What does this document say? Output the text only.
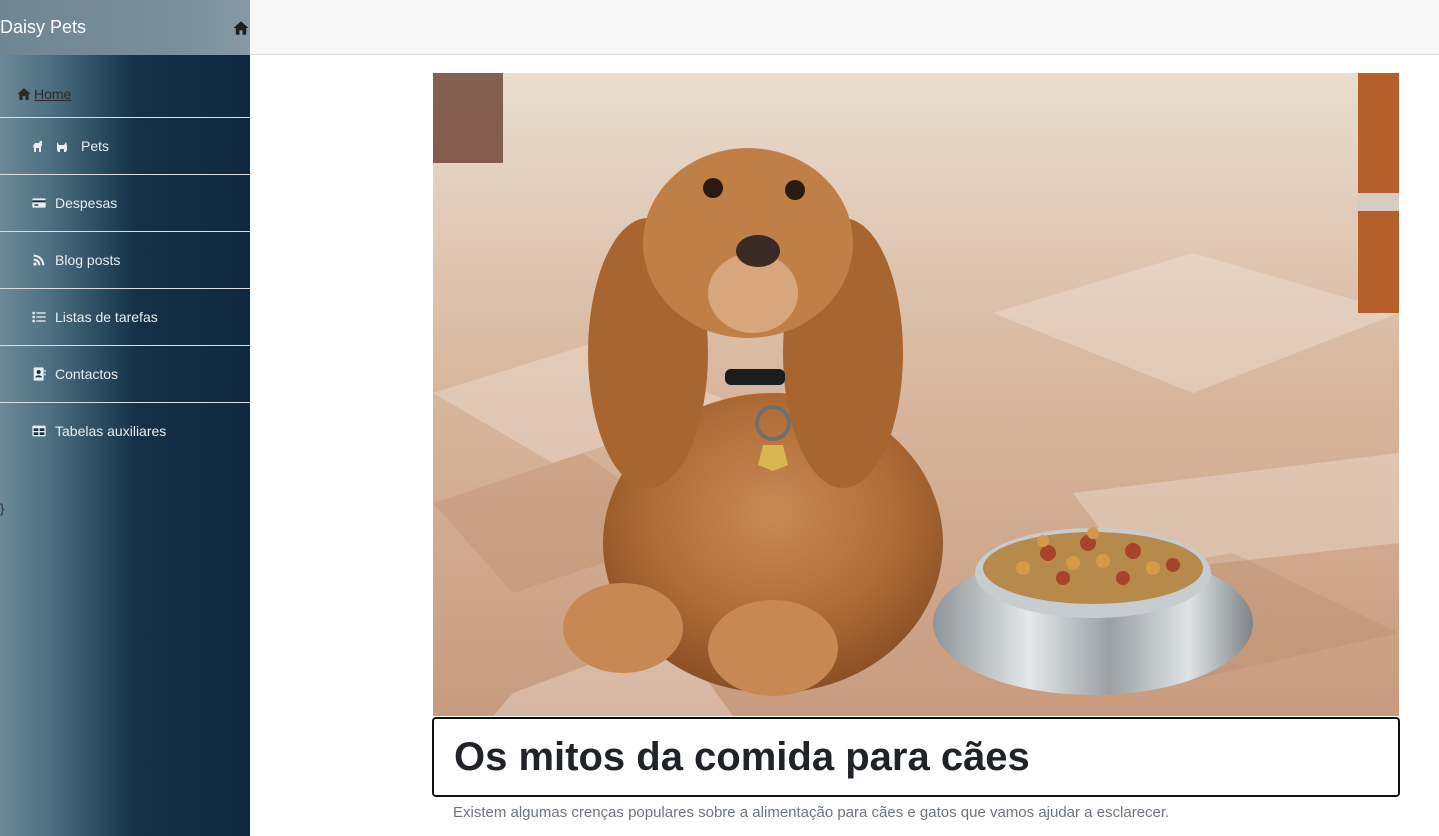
Daisy Pets
Home
Pets
Despesas
Blog posts
Listas de tarefas
Contactos
Tabelas auxiliares
}
Os mitos da comida para cães

Existem algumas crenças populares sobre a alimentação para cães e gatos que vamos ajudar a esclarecer.
